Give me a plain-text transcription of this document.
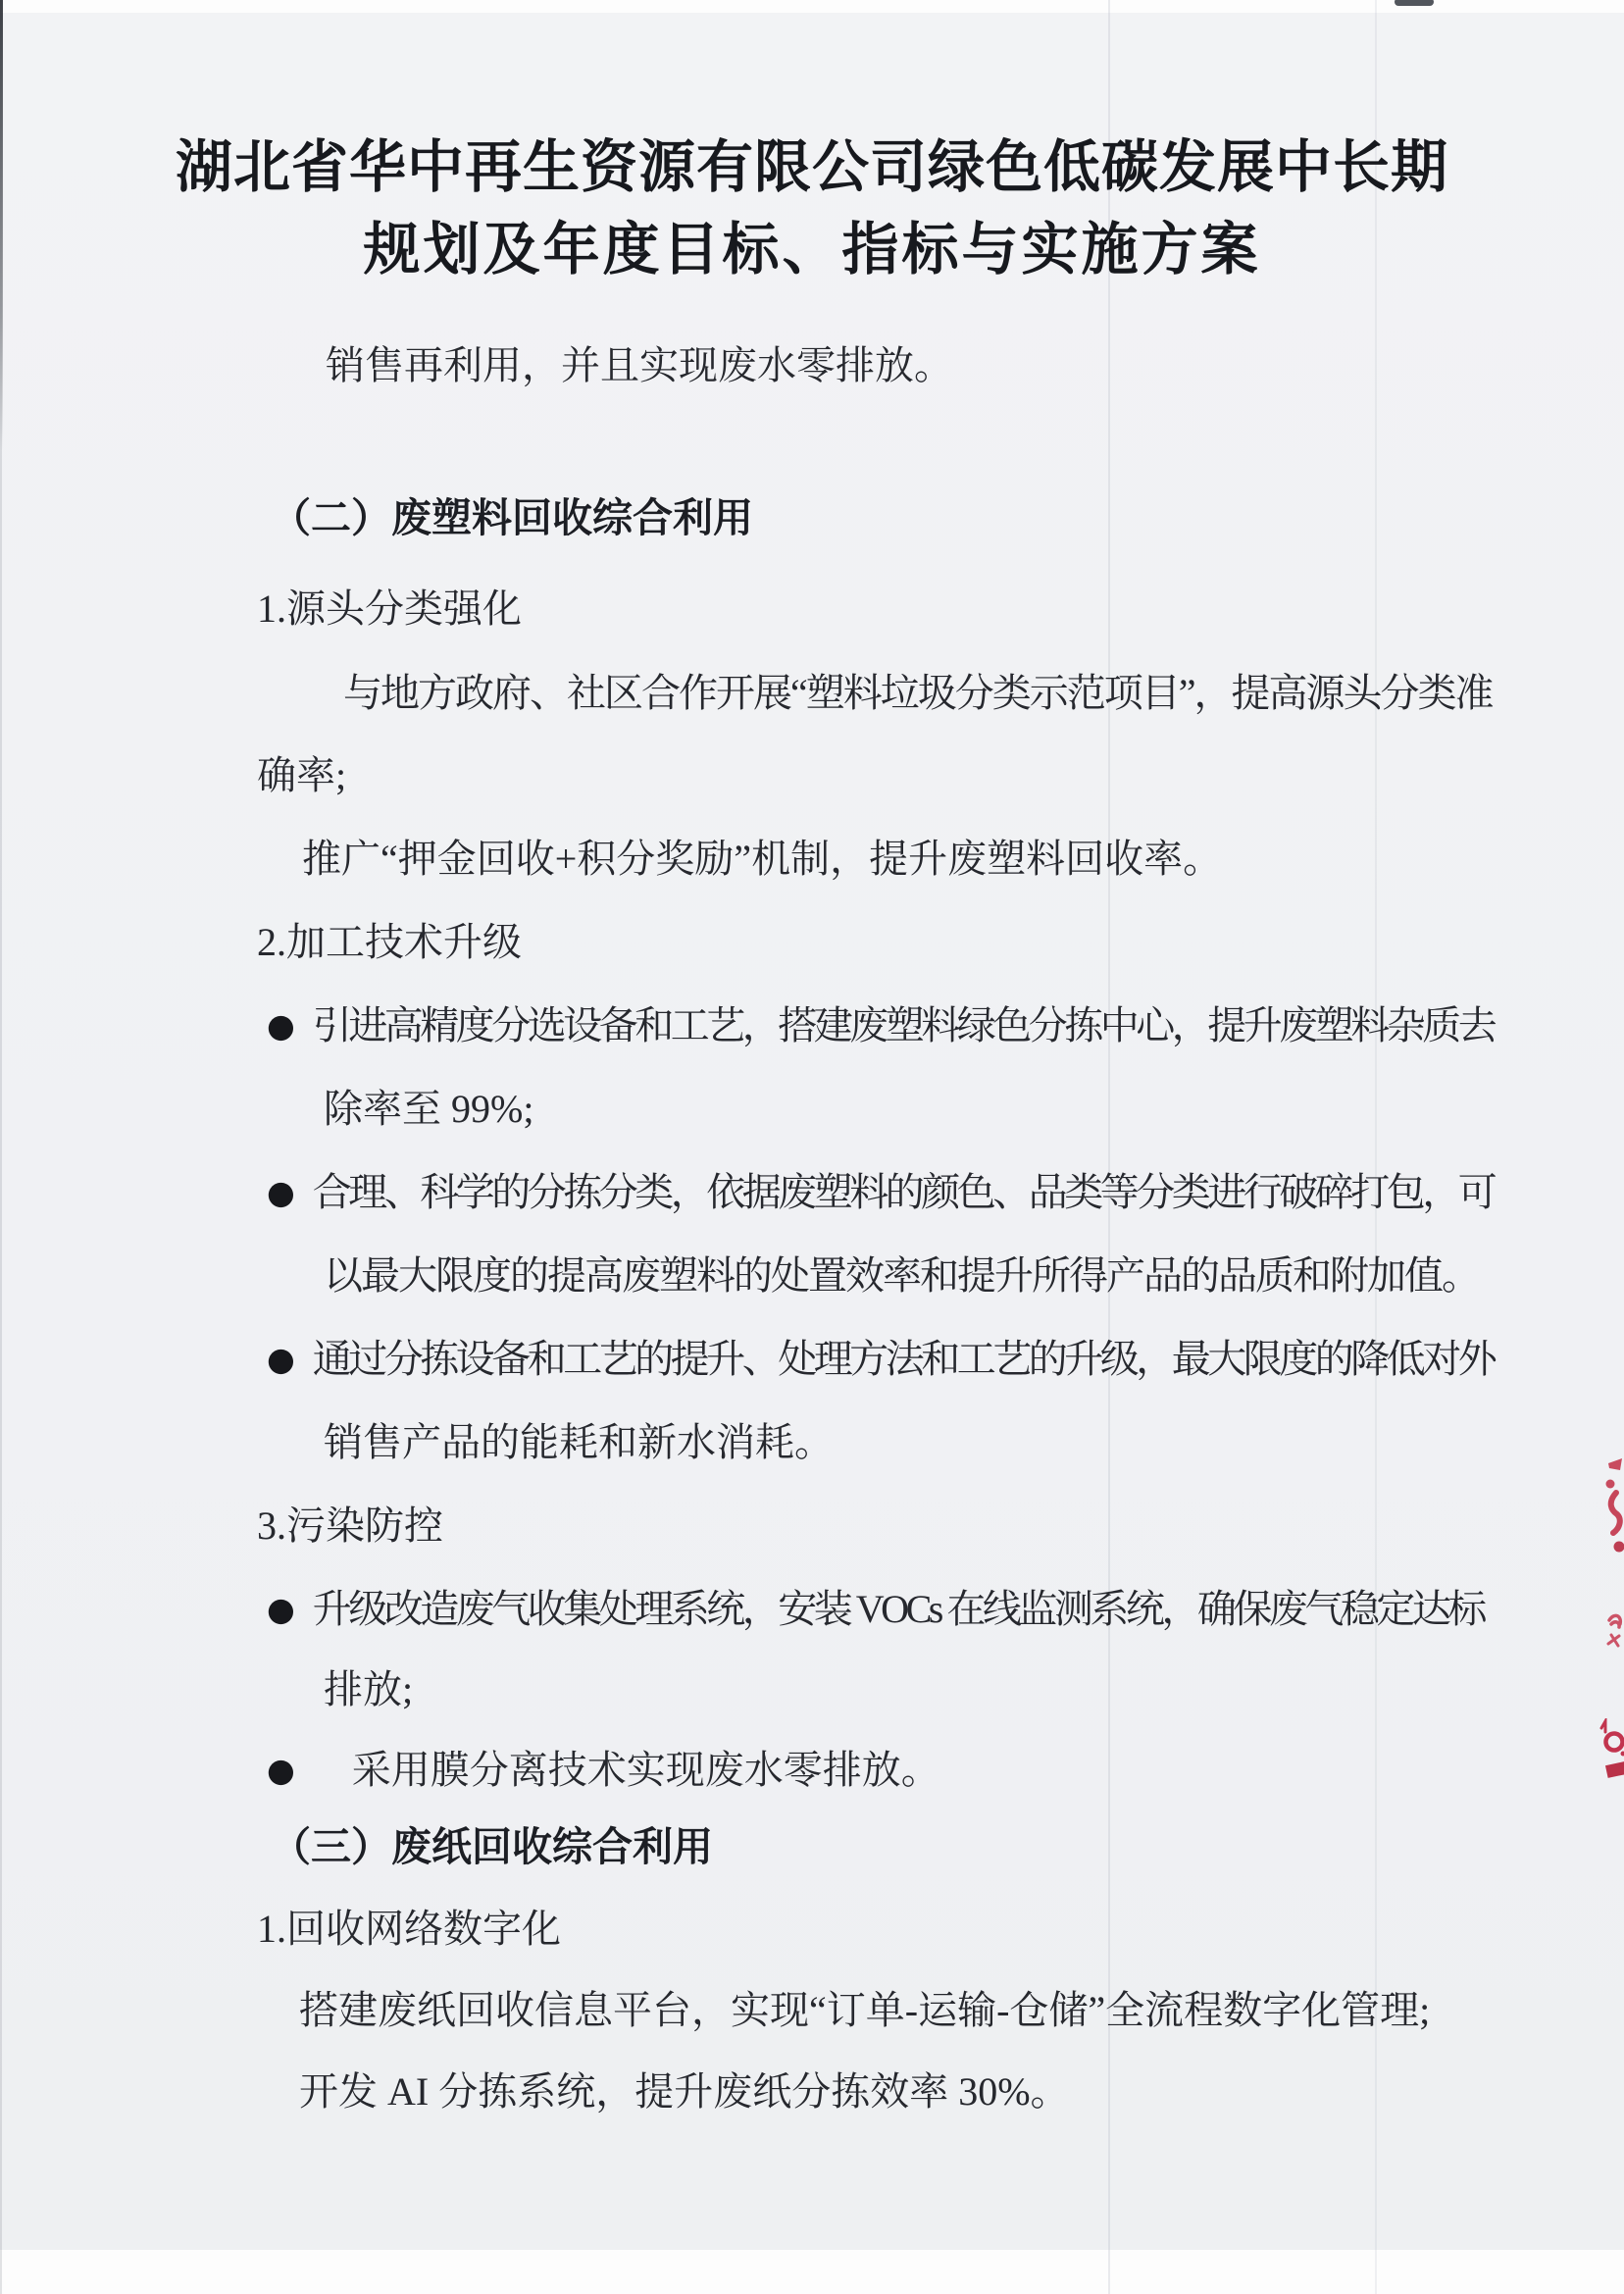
湖北省华中再生资源有限公司绿色低碳发展中长期
规划及年度目标、指标与实施方案
销售再利用，并且实现废水零排放。
（二）废塑料回收综合利用
1.源头分类强化
与地方政府、社区合作开展“塑料垃圾分类示范项目”，提高源头分类准
确率;
推广“押金回收+积分奖励”机制，提升废塑料回收率。
2.加工技术升级
● 引进高精度分选设备和工艺，搭建废塑料绿色分拣中心，提升废塑料杂质去
除率至 99%;
● 合理、科学的分拣分类，依据废塑料的颜色、品类等分类进行破碎打包，可
以最大限度的提高废塑料的处置效率和提升所得产品的品质和附加值。
● 通过分拣设备和工艺的提升、处理方法和工艺的升级，最大限度的降低对外
销售产品的能耗和新水消耗。
3.污染防控
● 升级改造废气收集处理系统，安装 VOCs 在线监测系统，确保废气稳定达标
排放;
● 采用膜分离技术实现废水零排放。
（三）废纸回收综合利用
1.回收网络数字化
搭建废纸回收信息平台，实现“订单-运输-仓储”全流程数字化管理;
开发 AI 分拣系统，提升废纸分拣效率 30%。
